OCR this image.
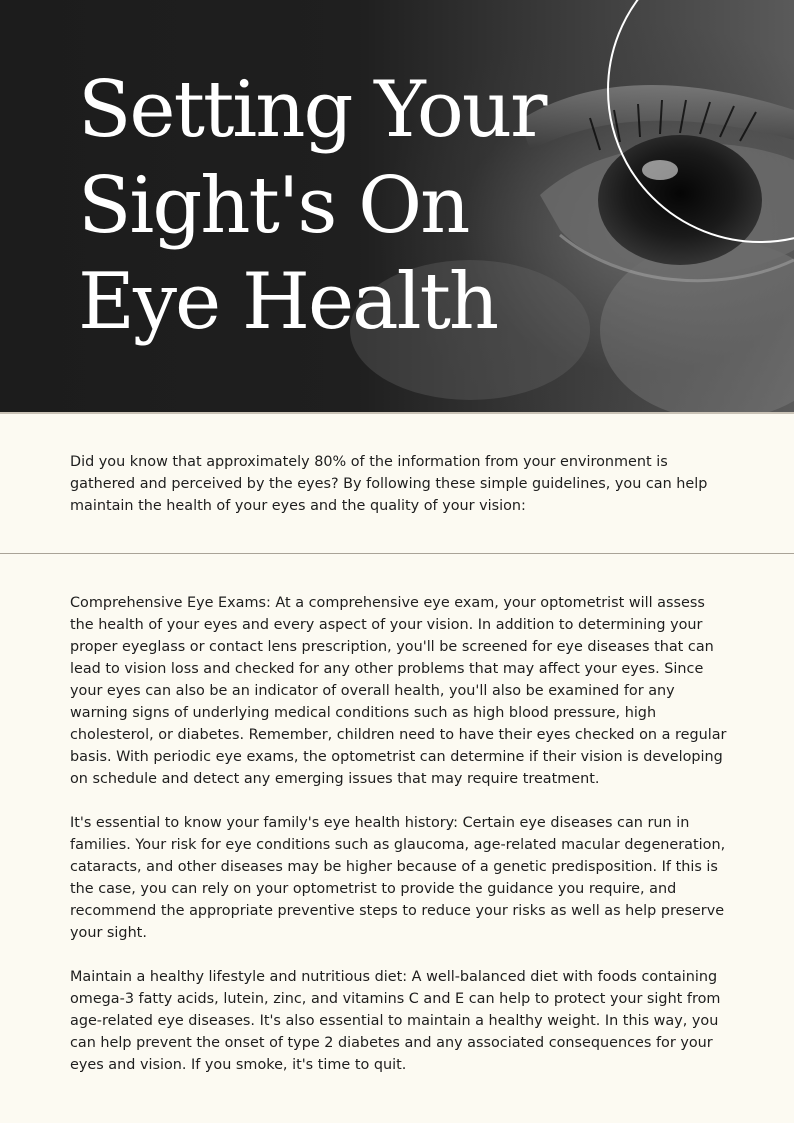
Setting Your Sight's On Eye Health

Did you know that approximately 80% of the information from your environment is gathered and perceived by the eyes? By following these simple guidelines, you can help maintain the health of your eyes and the quality of your vision:

Comprehensive Eye Exams: At a comprehensive eye exam, your optometrist will assess the health of your eyes and every aspect of your vision. In addition to determining your proper eyeglass or contact lens prescription, you'll be screened for eye diseases that can lead to vision loss and checked for any other problems that may affect your eyes. Since your eyes can also be an indicator of overall health, you'll also be examined for any warning signs of underlying medical conditions such as high blood pressure, high cholesterol, or diabetes. Remember, children need to have their eyes checked on a regular basis. With periodic eye exams, the optometrist can determine if their vision is developing on schedule and detect any emerging issues that may require treatment.

It's essential to know your family's eye health history: Certain eye diseases can run in families. Your risk for eye conditions such as glaucoma, age-related macular degeneration, cataracts, and other diseases may be higher because of a genetic predisposition. If this is the case, you can rely on your optometrist to provide the guidance you require, and recommend the appropriate preventive steps to reduce your risks as well as help preserve your sight.

Maintain a healthy lifestyle and nutritious diet: A well-balanced diet with foods containing omega-3 fatty acids, lutein, zinc, and vitamins C and E can help to protect your sight from age-related eye diseases. It's also essential to maintain a healthy weight. In this way, you can help prevent the onset of type 2 diabetes and any associated consequences for your eyes and vision. If you smoke, it's time to quit.
